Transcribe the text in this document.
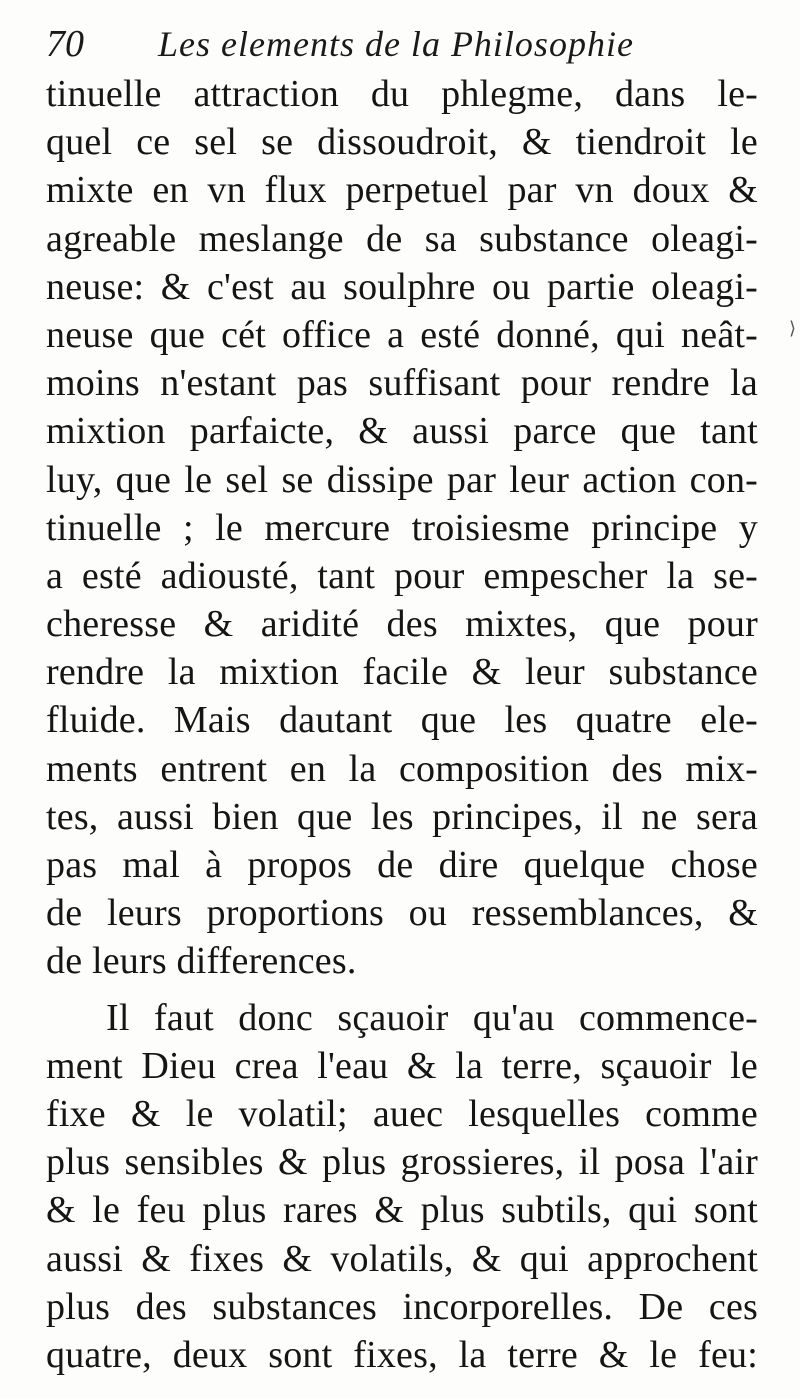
70 Les elements de la Philosophie
tinuelle attraction du phlegme, dans le-
quel ce sel se dissoudroit, & tiendroit le
mixte en vn flux perpetuel par vn doux &
agreable meslange de sa substance oleagi-
neuse: & c'est au soulphre ou partie oleagi-
neuse que cét office a esté donné, qui neât-
moins n'estant pas suffisant pour rendre la
mixtion parfaicte, & aussi parce que tant
luy, que le sel se dissipe par leur action con-
tinuelle ; le mercure troisiesme principe y
a esté adiousté, tant pour empescher la se-
cheresse & aridité des mixtes, que pour
rendre la mixtion facile & leur substance
fluide. Mais dautant que les quatre ele-
ments entrent en la composition des mix-
tes, aussi bien que les principes, il ne sera
pas mal à propos de dire quelque chose
de leurs proportions ou ressemblances, &
de leurs differences.
Il faut donc sçauoir qu'au commence-
ment Dieu crea l'eau & la terre, sçauoir le
fixe & le volatil; auec lesquelles comme
plus sensibles & plus grossieres, il posa l'air
& le feu plus rares & plus subtils, qui sont
aussi & fixes & volatils, & qui approchent
plus des substances incorporelles. De ces
quatre, deux sont fixes, la terre & le feu:
⟩
